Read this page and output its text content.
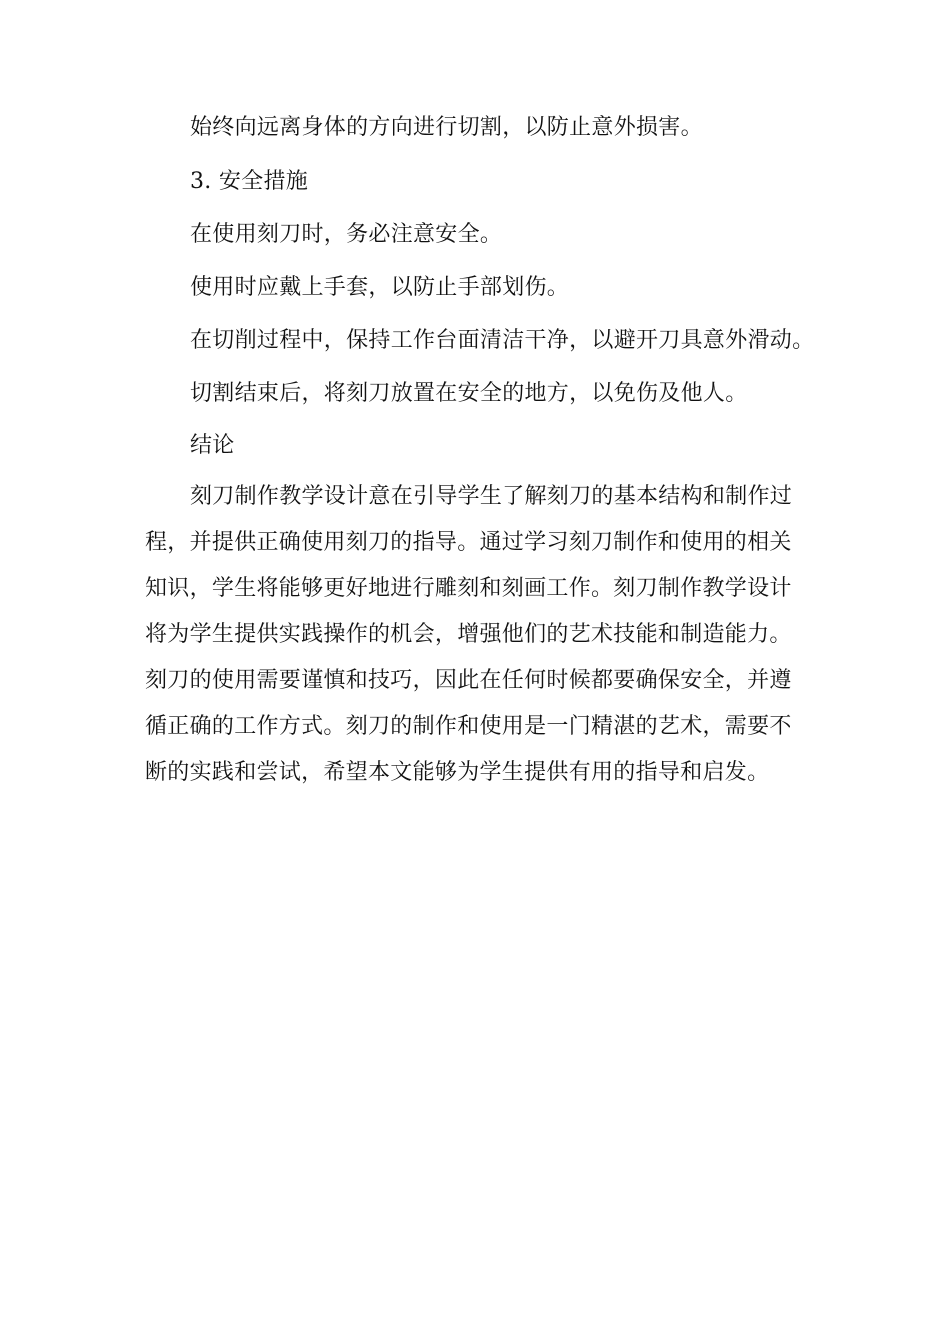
始终向远离身体的方向进行切割，以防止意外损害。
3. 安全措施
在使用刻刀时，务必注意安全。
使用时应戴上手套，以防止手部划伤。
在切削过程中，保持工作台面清洁干净，以避开刀具意外滑动。
切割结束后，将刻刀放置在安全的地方，以免伤及他人。
结论
刻刀制作教学设计意在引导学生了解刻刀的基本结构和制作过
程，并提供正确使用刻刀的指导。通过学习刻刀制作和使用的相关
知识，学生将能够更好地进行雕刻和刻画工作。刻刀制作教学设计
将为学生提供实践操作的机会，增强他们的艺术技能和制造能力。
刻刀的使用需要谨慎和技巧，因此在任何时候都要确保安全，并遵
循正确的工作方式。刻刀的制作和使用是一门精湛的艺术，需要不
断的实践和尝试，希望本文能够为学生提供有用的指导和启发。
